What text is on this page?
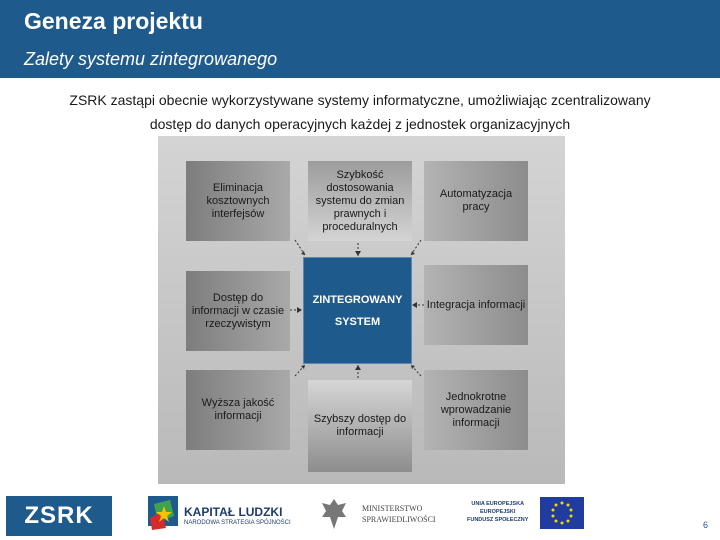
Geneza projektu
Zalety systemu zintegrowanego
ZSRK zastąpi obecnie wykorzystywane systemy informatyczne, umożliwiając zcentralizowany
dostęp do danych operacyjnych każdej z jednostek organizacyjnych
Eliminacja kosztownych interfejsów
Szybkość dostosowania systemu do zmian prawnych i proceduralnych
Automatyzacja pracy
Dostęp do informacji w czasie rzeczywistym
Integracja informacji
Wyższa jakość informacji	Szybszy dostęp do informacji
Jednokrotne wprowadzanie informacji
ZINTEGROWANY
SYSTEM
ZSRK	KAPITAŁ LUDZKI
NARODOWA STRATEGIA SPÓJNOŚCI
MINISTERSTWO
SPRAWIEDLIWOŚCI
UNIA EUROPEJSKA
EUROPEJSKI
FUNDUSZ SPOŁECZNY	6
